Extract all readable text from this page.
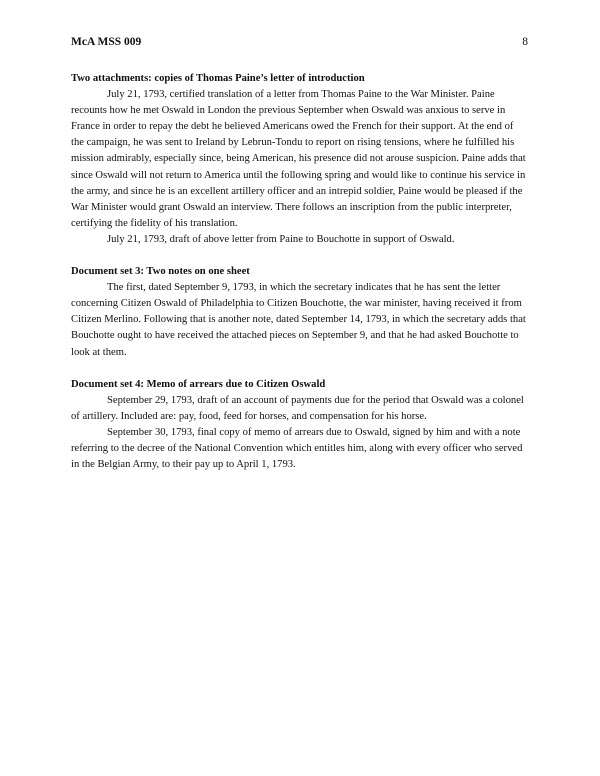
McA MSS 009	8

Two attachments: copies of Thomas Paine’s letter of introduction

July 21, 1793, certified translation of a letter from Thomas Paine to the War Minister. Paine recounts how he met Oswald in London the previous September when Oswald was anxious to serve in France in order to repay the debt he believed Americans owed the French for their support. At the end of the campaign, he was sent to Ireland by Lebrun-Tondu to report on rising tensions, where he fulfilled his mission admirably, especially since, being American, his presence did not arouse suspicion. Paine adds that since Oswald will not return to America until the following spring and would like to continue his service in the army, and since he is an excellent artillery officer and an intrepid soldier, Paine would be pleased if the War Minister would grant Oswald an interview. There follows an inscription from the public interpreter, certifying the fidelity of his translation.

July 21, 1793, draft of above letter from Paine to Bouchotte in support of Oswald.

Document set 3: Two notes on one sheet

The first, dated September 9, 1793, in which the secretary indicates that he has sent the letter concerning Citizen Oswald of Philadelphia to Citizen Bouchotte, the war minister, having received it from Citizen Merlino. Following that is another note, dated September 14, 1793, in which the secretary adds that Bouchotte ought to have received the attached pieces on September 9, and that he had asked Bouchotte to look at them.

Document set 4: Memo of arrears due to Citizen Oswald

September 29, 1793, draft of an account of payments due for the period that Oswald was a colonel of artillery. Included are: pay, food, feed for horses, and compensation for his horse.

September 30, 1793, final copy of memo of arrears due to Oswald, signed by him and with a note referring to the decree of the National Convention which entitles him, along with every officer who served in the Belgian Army, to their pay up to April 1, 1793.
